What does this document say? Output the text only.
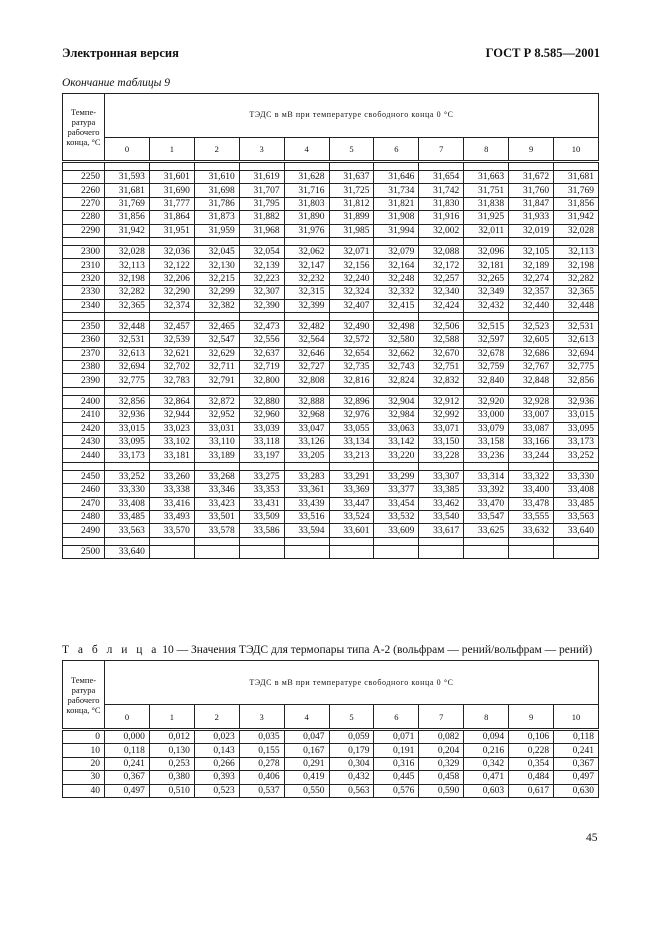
Электронная версия	ГОСТ Р 8.585—2001
Окончание таблицы 9
Темпе-ратура рабочего конца, °С	ТЭДС в мВ при температуре свободного конца 0 °С										
	0	1	2	3	4	5	6	7	8	9	10

2250	31,593	31,601	31,610	31,619	31,628	31,637	31,646	31,654	31,663	31,672	31,681
2260	31,681	31,690	31,698	31,707	31,716	31,725	31,734	31,742	31,751	31,760	31,769
2270	31,769	31,777	31,786	31,795	31,803	31,812	31,821	31,830	31,838	31,847	31,856
2280	31,856	31,864	31,873	31,882	31,890	31,899	31,908	31,916	31,925	31,933	31,942
2290	31,942	31,951	31,959	31,968	31,976	31,985	31,994	32,002	32,011	32,019	32,028

2300	32,028	32,036	32,045	32,054	32,062	32,071	32,079	32,088	32,096	32,105	32,113
2310	32,113	32,122	32,130	32,139	32,147	32,156	32,164	32,172	32,181	32,189	32,198
2320	32,198	32,206	32,215	32,223	32,232	32,240	32,248	32,257	32,265	32,274	32,282
2330	32,282	32,290	32,299	32,307	32,315	32,324	32,332	32,340	32,349	32,357	32,365
2340	32,365	32,374	32,382	32,390	32,399	32,407	32,415	32,424	32,432	32,440	32,448

2350	32,448	32,457	32,465	32,473	32,482	32,490	32,498	32,506	32,515	32,523	32,531
2360	32,531	32,539	32,547	32,556	32,564	32,572	32,580	32,588	32,597	32,605	32,613
2370	32,613	32,621	32,629	32,637	32,646	32,654	32,662	32,670	32,678	32,686	32,694
2380	32,694	32,702	32,711	32,719	32,727	32,735	32,743	32,751	32,759	32,767	32,775
2390	32,775	32,783	32,791	32,800	32,808	32,816	32,824	32,832	32,840	32,848	32,856

2400	32,856	32,864	32,872	32,880	32,888	32,896	32,904	32,912	32,920	32,928	32,936
2410	32,936	32,944	32,952	32,960	32,968	32,976	32,984	32,992	33,000	33,007	33,015
2420	33,015	33,023	33,031	33,039	33,047	33,055	33,063	33,071	33,079	33,087	33,095
2430	33,095	33,102	33,110	33,118	33,126	33,134	33,142	33,150	33,158	33,166	33,173
2440	33,173	33,181	33,189	33,197	33,205	33,213	33,220	33,228	33,236	33,244	33,252

2450	33,252	33,260	33,268	33,275	33,283	33,291	33,299	33,307	33,314	33,322	33,330
2460	33,330	33,338	33,346	33,353	33,361	33,369	33,377	33,385	33,392	33,400	33,408
2470	33,408	33,416	33,423	33,431	33,439	33,447	33,454	33,462	33,470	33,478	33,485
2480	33,485	33,493	33,501	33,509	33,516	33,524	33,532	33,540	33,547	33,555	33,563
2490	33,563	33,570	33,578	33,586	33,594	33,601	33,609	33,617	33,625	33,632	33,640

2500	33,640										
Т а б л и ц а 10 — Значения ТЭДС для термопары типа А-2 (вольфрам — рений/вольфрам — рений)
Темпе-ратура рабочего конца, °С	ТЭДС в мВ при температуре свободного конца 0 °С										
	0	1	2	3	4	5	6	7	8	9	10
0	0,000	0,012	0,023	0,035	0,047	0,059	0,071	0,082	0,094	0,106	0,118
10	0,118	0,130	0,143	0,155	0,167	0,179	0,191	0,204	0,216	0,228	0,241
20	0,241	0,253	0,266	0,278	0,291	0,304	0,316	0,329	0,342	0,354	0,367
30	0,367	0,380	0,393	0,406	0,419	0,432	0,445	0,458	0,471	0,484	0,497
40	0,497	0,510	0,523	0,537	0,550	0,563	0,576	0,590	0,603	0,617	0,630
45
